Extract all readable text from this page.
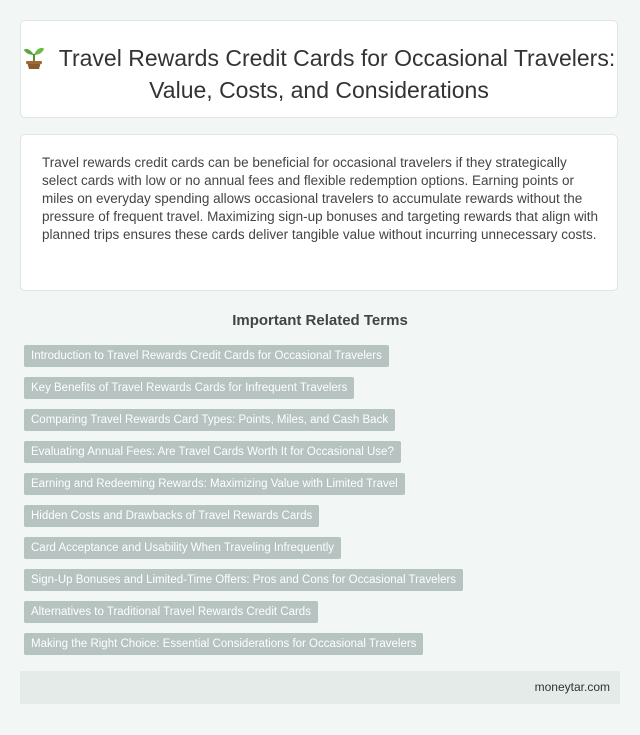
Travel Rewards Credit Cards for Occasional Travelers: Value, Costs, and Considerations

Travel rewards credit cards can be beneficial for occasional travelers if they strategically select cards with low or no annual fees and flexible redemption options. Earning points or miles on everyday spending allows occasional travelers to accumulate rewards without the pressure of frequent travel. Maximizing sign-up bonuses and targeting rewards that align with planned trips ensures these cards deliver tangible value without incurring unnecessary costs.

Important Related Terms
Introduction to Travel Rewards Credit Cards for Occasional Travelers
Key Benefits of Travel Rewards Cards for Infrequent Travelers
Comparing Travel Rewards Card Types: Points, Miles, and Cash Back
Evaluating Annual Fees: Are Travel Cards Worth It for Occasional Use?
Earning and Redeeming Rewards: Maximizing Value with Limited Travel
Hidden Costs and Drawbacks of Travel Rewards Cards
Card Acceptance and Usability When Traveling Infrequently
Sign-Up Bonuses and Limited-Time Offers: Pros and Cons for Occasional Travelers
Alternatives to Traditional Travel Rewards Credit Cards
Making the Right Choice: Essential Considerations for Occasional Travelers
moneytar.com
